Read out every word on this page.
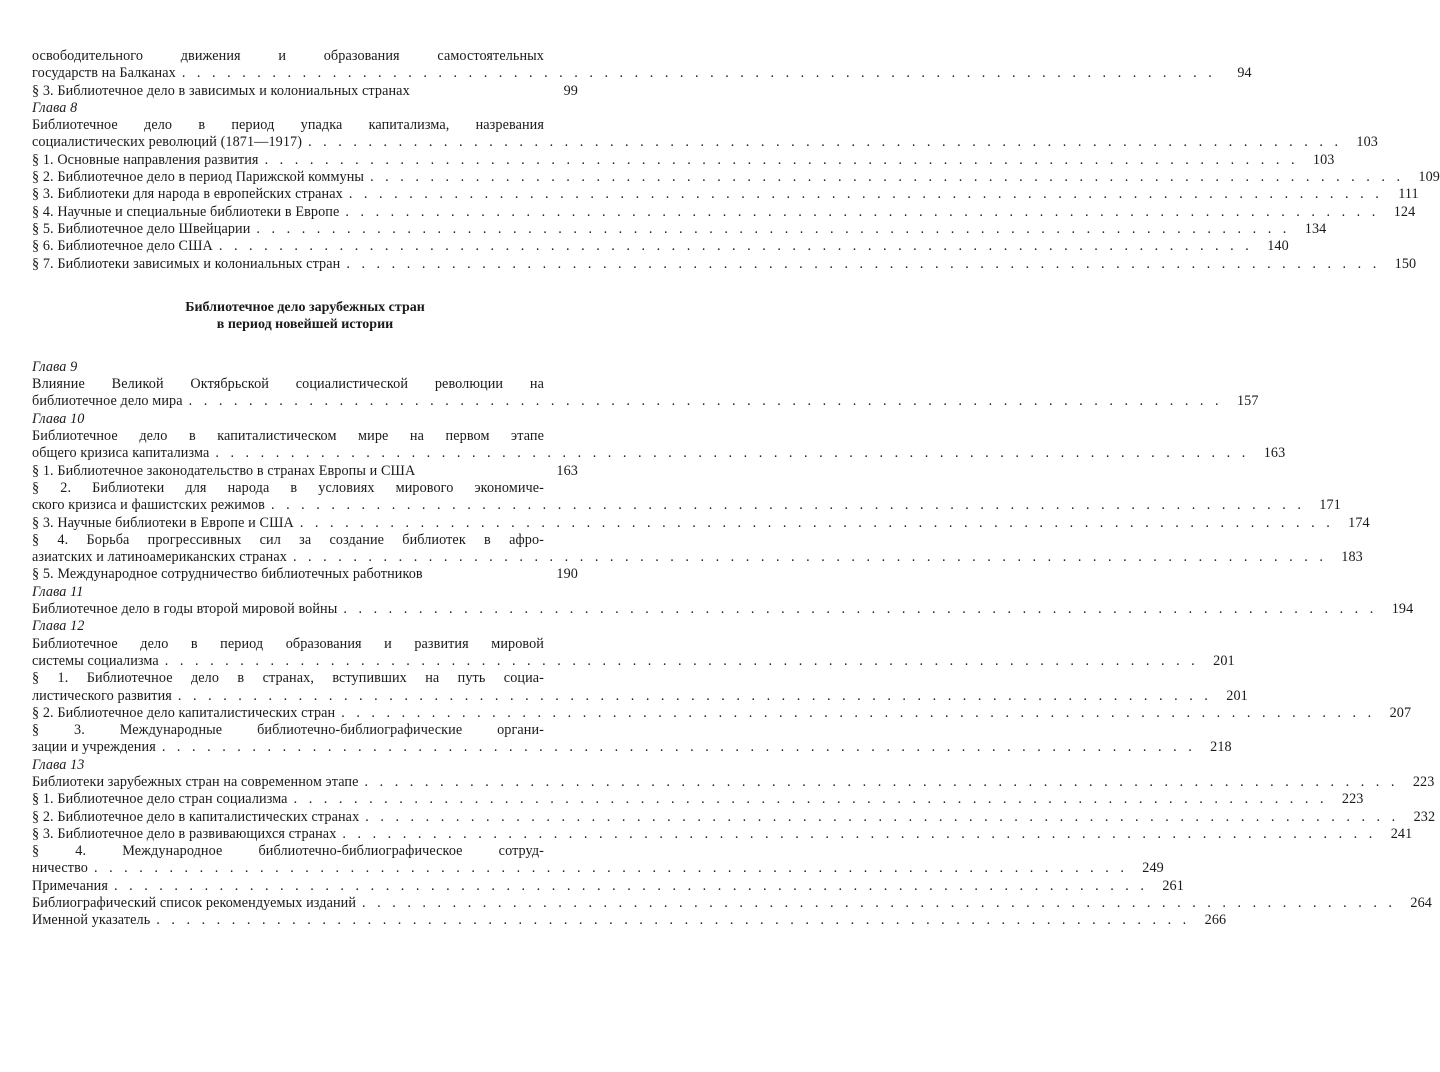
освободительного движения и образования самостоятельных
государств на Балканах . . .	94
§ 3. Библиотечное дело в зависимых и колониальных странах	99
Глава 8
Библиотечное дело в период упадка капитализма, назревания
социалистических революций (1871—1917) . . .	103
§ 1. Основные направления развития . . .	103
§ 2. Библиотечное дело в период Парижской коммуны . . .	109
§ 3. Библиотеки для народа в европейских странах . . .	111
§ 4. Научные и специальные библиотеки в Европе . . .	124
§ 5. Библиотечное дело Швейцарии . . .	134
§ 6. Библиотечное дело США . . .	140
§ 7. Библиотеки зависимых и колониальных стран . . .	150
Библиотечное дело зарубежных стран
в период новейшей истории
Глава 9
Влияние Великой Октябрьской социалистической революции на
библиотечное дело мира . . .	157
Глава 10
Библиотечное дело в капиталистическом мире на первом этапе
общего кризиса капитализма . . .	163
§ 1. Библиотечное законодательство в странах Европы и США	163
§ 2. Библиотеки для народа в условиях мирового экономиче-
ского кризиса и фашистских режимов . . .	171
§ 3. Научные библиотеки в Европе и США . . .	174
§ 4. Борьба прогрессивных сил за создание библиотек в афро-
азиатских и латиноамериканских странах . . .	183
§ 5. Международное сотрудничество библиотечных работников	190
Глава 11
Библиотечное дело в годы второй мировой войны . . .	194
Глава 12
Библиотечное дело в период образования и развития мировой
системы социализма . . .	201
§ 1. Библиотечное дело в странах, вступивших на путь социа-
листического развития . . .	201
§ 2. Библиотечное дело капиталистических стран . . .	207
§ 3. Международные библиотечно-библиографические органи-
зации и учреждения . . .	218
Глава 13
Библиотеки зарубежных стран на современном этапе . . .	223
§ 1. Библиотечное дело стран социализма . . .	223
§ 2. Библиотечное дело в капиталистических странах . . .	232
§ 3. Библиотечное дело в развивающихся странах . . .	241
§ 4. Международное библиотечно-библиографическое сотруд-
ничество . . .	249
Примечания . . .	261
Библиографический список рекомендуемых изданий . . .	264
Именной указатель . . .	266
